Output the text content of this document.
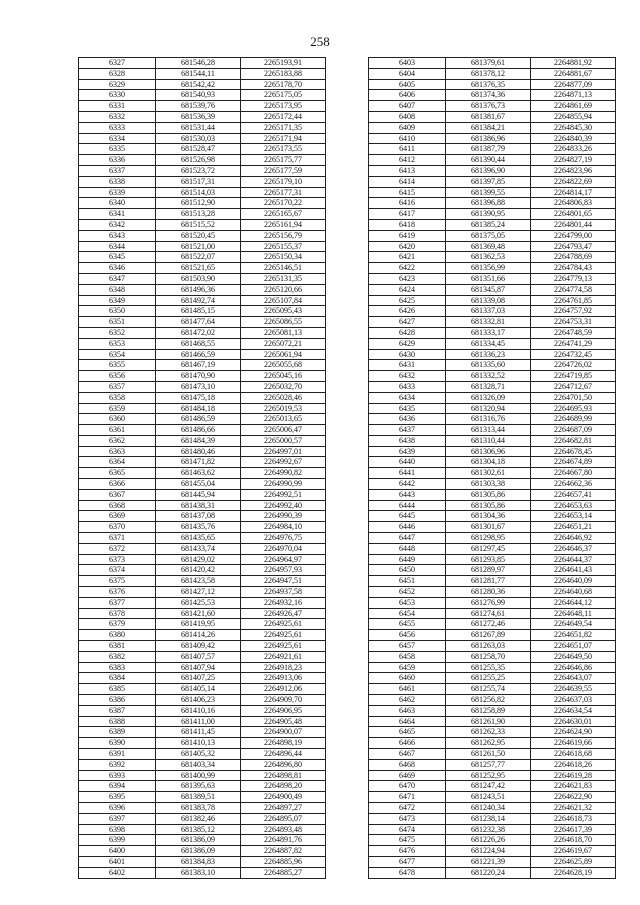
258
6327	681546,28	2265193,91
6328	681544,11	2265183,88
6329	681542,42	2265178,70
6330	681540,93	2265175,05
6331	681539,76	2265173,95
6332	681536,39	2265172,44
6333	681531,44	2265171,35
6334	681530,03	2265171,94
6335	681528,47	2265173,55
6336	681526,98	2265175,77
6337	681523,72	2265177,59
6338	681517,31	2265179,10
6339	681514,03	2265177,31
6340	681512,90	2265170,22
6341	681513,28	2265165,67
6342	681515,52	2265161,94
6343	681520,45	2265156,79
6344	681521,00	2265155,37
6345	681522,07	2265150,34
6346	681521,65	2265146,51
6347	681503,90	2265131,35
6348	681496,36	2265120,66
6349	681492,74	2265107,84
6350	681485,15	2265095,43
6351	681477,64	2265086,55
6352	681472,02	2265081,13
6353	681468,55	2265072,21
6354	681466,59	2265061,94
6355	681467,19	2265055,68
6356	681470,90	2265045,16
6357	681473,10	2265032,70
6358	681475,18	2265028,46
6359	681484,18	2265019,53
6360	681486,59	2265013,65
6361	681486,66	2265006,47
6362	681484,39	2265000,57
6363	681480,46	2264997,01
6364	681471,82	2264992,67
6365	681463,62	2264990,82
6366	681455,04	2264990,99
6367	681445,94	2264992,51
6368	681438,31	2264992,40
6369	681437,08	2264990,39
6370	681435,76	2264984,10
6371	681435,65	2264976,75
6372	681433,74	2264970,04
6373	681429,02	2264964,97
6374	681420,42	2264957,93
6375	681423,58	2264947,51
6376	681427,12	2264937,58
6377	681425,53	2264932,16
6378	681421,60	2264926,47
6379	681419,95	2264925,61
6380	681414,26	2264925,61
6381	681409,42	2264925,61
6382	681407,57	2264921,61
6383	681407,94	2264918,23
6384	681407,25	2264913,06
6385	681405,14	2264912,06
6386	681406,23	2264909,70
6387	681410,16	2264906,95
6388	681411,00	2264905,48
6389	681411,45	2264900,07
6390	681410,13	2264898,19
6391	681405,32	2264896,44
6392	681403,34	2264896,80
6393	681400,99	2264898,81
6394	681395,63	2264898,20
6395	681389,51	2264900,49
6396	681383,78	2264897,27
6397	681382,46	2264895,07
6398	681385,12	2264893,48
6399	681386,09	2264891,76
6400	681386,09	2264887,82
6401	681384,83	2264885,96
6402	681383,10	2264885,27
6403	681379,61	2264881,92
6404	681378,12	2264881,67
6405	681376,35	2264877,09
6406	681374,36	2264871,13
6407	681376,73	2264861,69
6408	681381,67	2264855,94
6409	681384,21	2264845,30
6410	681386,96	2264840,39
6411	681387,79	2264833,26
6412	681390,44	2264827,19
6413	681396,90	2264823,96
6414	681397,85	2264822,69
6415	681399,55	2264814,17
6416	681396,88	2264806,83
6417	681390,95	2264801,65
6418	681385,24	2264801,44
6419	681375,05	2264799,00
6420	681369,48	2264793,47
6421	681362,53	2264788,69
6422	681356,99	2264784,43
6423	681351,66	2264779,13
6424	681345,87	2264774,58
6425	681339,08	2264761,85
6426	681337,03	2264757,92
6427	681332,81	2264753,31
6428	681333,17	2264748,59
6429	681334,45	2264741,29
6430	681336,23	2264732,45
6431	681335,60	2264726,02
6432	681332,52	2264719,85
6433	681328,71	2264712,67
6434	681326,09	2264701,50
6435	681320,94	2264695,93
6436	681316,76	2264689,99
6437	681313,44	2264687,09
6438	681310,44	2264682,81
6439	681306,96	2264678,45
6440	681304,18	2264674,89
6441	681302,61	2264667,80
6442	681303,38	2264662,36
6443	681305,86	2264657,41
6444	681305,86	2264653,63
6445	681304,36	2264653,14
6446	681301,67	2264651,21
6447	681298,95	2264646,92
6448	681297,45	2264646,37
6449	681293,85	2264644,37
6450	681289,97	2264641,43
6451	681281,77	2264640,09
6452	681280,36	2264640,68
6453	681276,99	2264644,12
6454	681274,61	2264648,11
6455	681272,46	2264649,54
6456	681267,89	2264651,82
6457	681263,03	2264651,07
6458	681258,70	2264649,50
6459	681255,35	2264646,86
6460	681255,25	2264643,07
6461	681255,74	2264639,55
6462	681256,82	2264637,03
6463	681258,89	2264634,54
6464	681261,90	2264630,01
6465	681262,33	2264624,90
6466	681262,95	2264619,66
6467	681261,50	2264618,68
6468	681257,77	2264618,26
6469	681252,95	2264619,28
6470	681247,42	2264621,83
6471	681243,51	2264622,90
6472	681240,34	2264621,32
6473	681238,14	2264618,73
6474	681232,38	2264617,39
6475	681226,26	2264618,70
6476	681224,94	2264619,67
6477	681221,39	2264625,89
6478	681220,24	2264628,19
